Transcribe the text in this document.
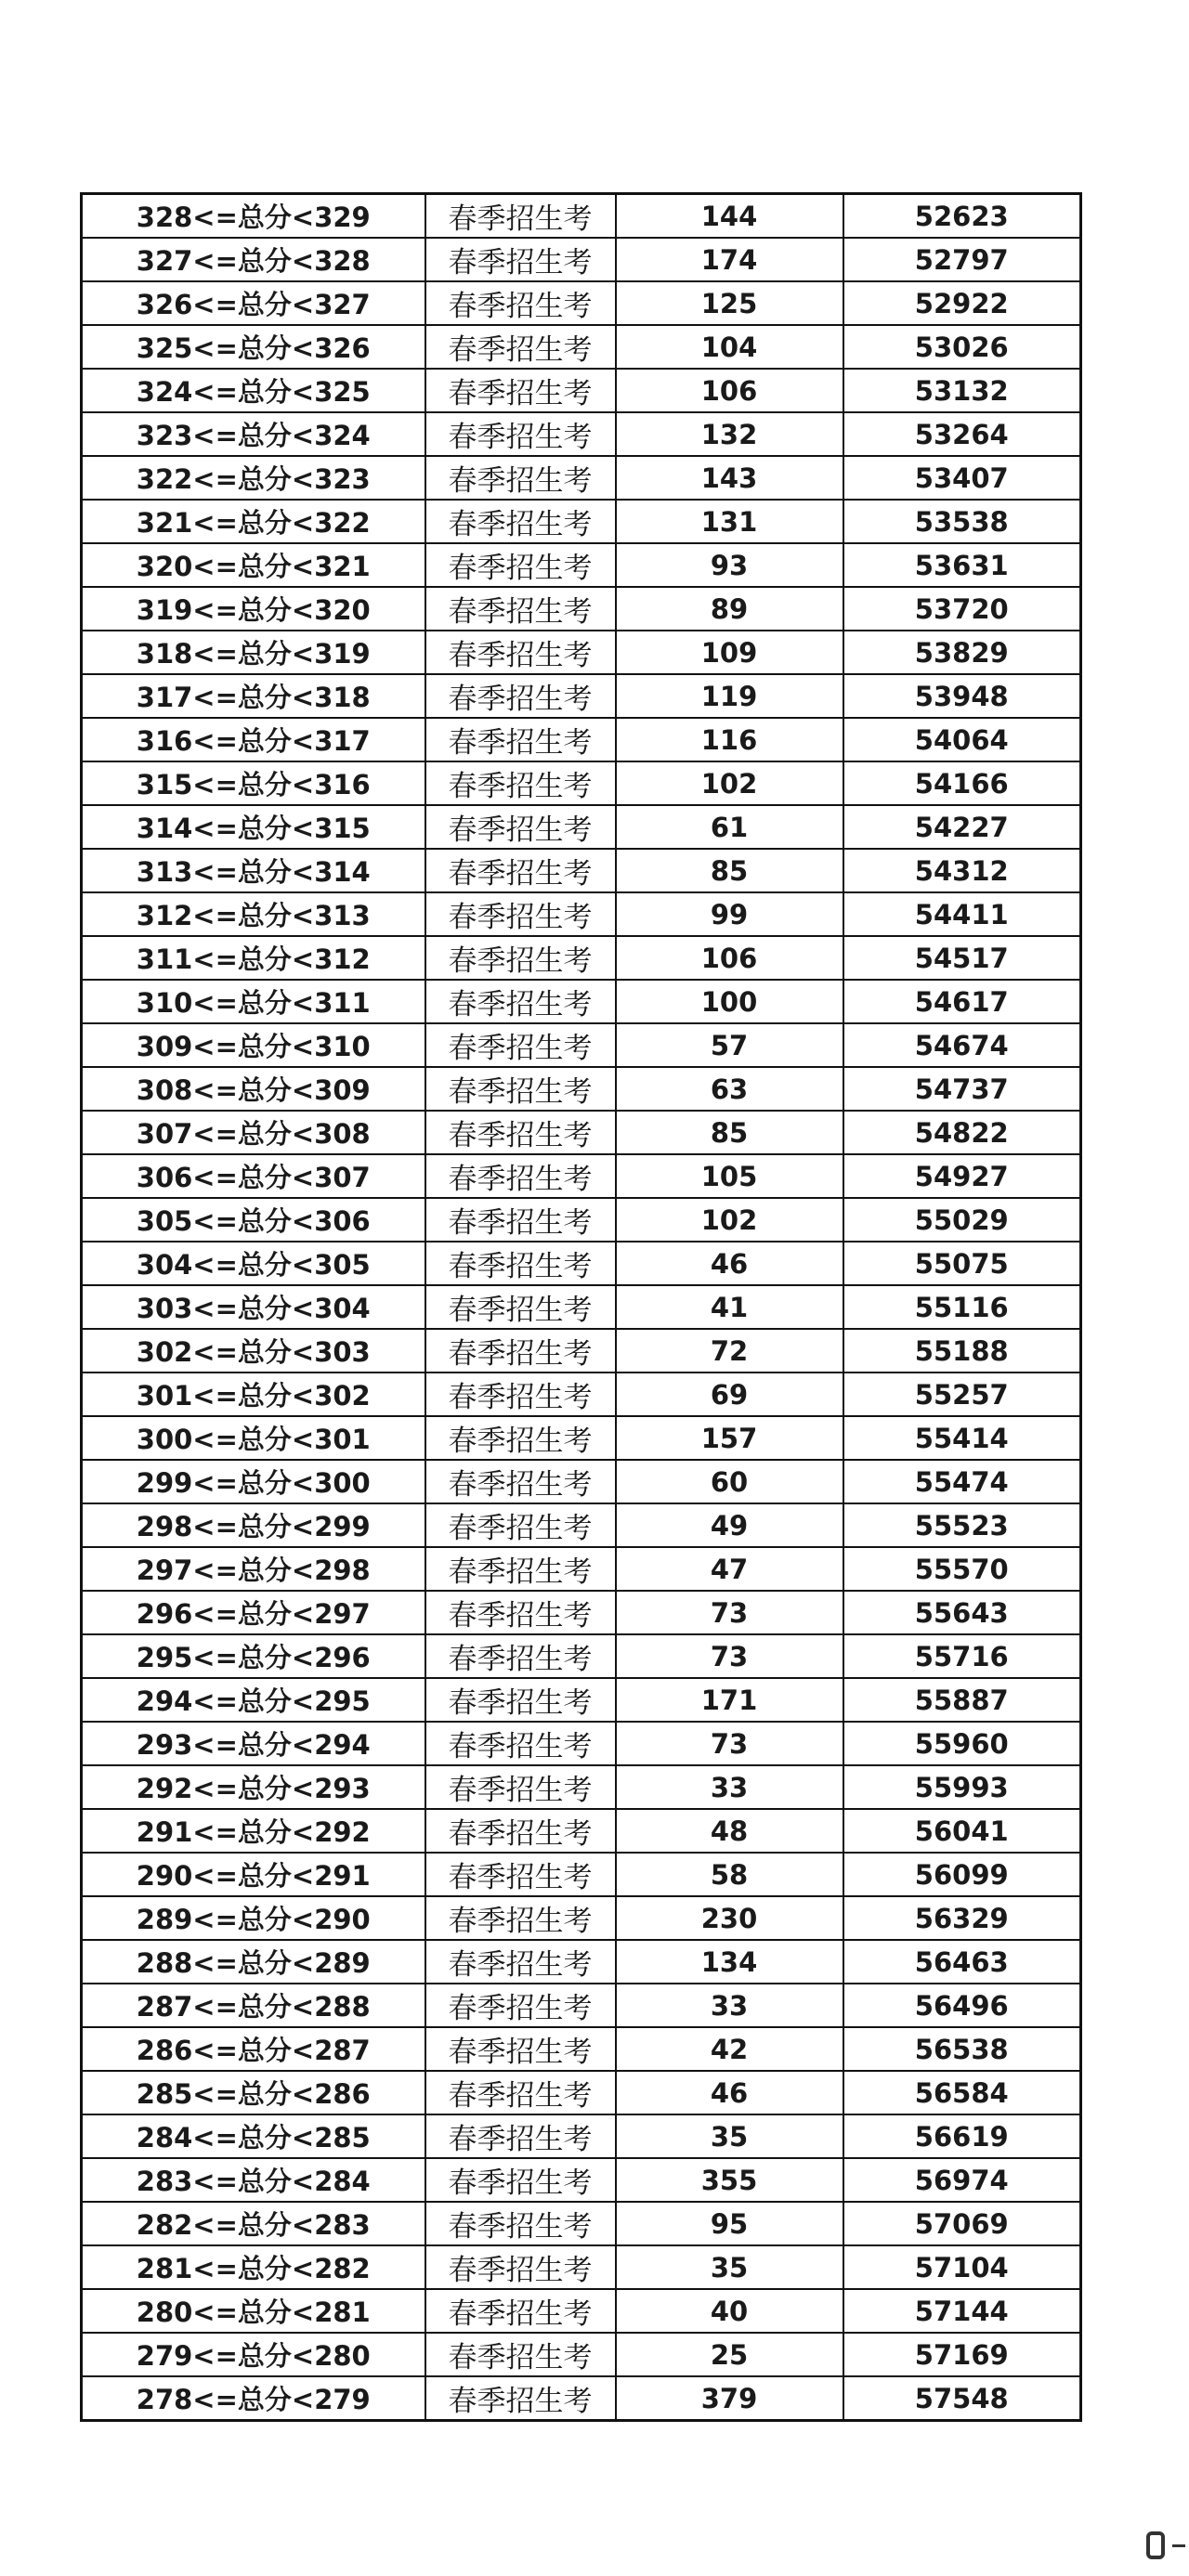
328<=总分<329	春季招生考	144	52623
327<=总分<328	春季招生考	174	52797
326<=总分<327	春季招生考	125	52922
325<=总分<326	春季招生考	104	53026
324<=总分<325	春季招生考	106	53132
323<=总分<324	春季招生考	132	53264
322<=总分<323	春季招生考	143	53407
321<=总分<322	春季招生考	131	53538
320<=总分<321	春季招生考	93	53631
319<=总分<320	春季招生考	89	53720
318<=总分<319	春季招生考	109	53829
317<=总分<318	春季招生考	119	53948
316<=总分<317	春季招生考	116	54064
315<=总分<316	春季招生考	102	54166
314<=总分<315	春季招生考	61	54227
313<=总分<314	春季招生考	85	54312
312<=总分<313	春季招生考	99	54411
311<=总分<312	春季招生考	106	54517
310<=总分<311	春季招生考	100	54617
309<=总分<310	春季招生考	57	54674
308<=总分<309	春季招生考	63	54737
307<=总分<308	春季招生考	85	54822
306<=总分<307	春季招生考	105	54927
305<=总分<306	春季招生考	102	55029
304<=总分<305	春季招生考	46	55075
303<=总分<304	春季招生考	41	55116
302<=总分<303	春季招生考	72	55188
301<=总分<302	春季招生考	69	55257
300<=总分<301	春季招生考	157	55414
299<=总分<300	春季招生考	60	55474
298<=总分<299	春季招生考	49	55523
297<=总分<298	春季招生考	47	55570
296<=总分<297	春季招生考	73	55643
295<=总分<296	春季招生考	73	55716
294<=总分<295	春季招生考	171	55887
293<=总分<294	春季招生考	73	55960
292<=总分<293	春季招生考	33	55993
291<=总分<292	春季招生考	48	56041
290<=总分<291	春季招生考	58	56099
289<=总分<290	春季招生考	230	56329
288<=总分<289	春季招生考	134	56463
287<=总分<288	春季招生考	33	56496
286<=总分<287	春季招生考	42	56538
285<=总分<286	春季招生考	46	56584
284<=总分<285	春季招生考	35	56619
283<=总分<284	春季招生考	355	56974
282<=总分<283	春季招生考	95	57069
281<=总分<282	春季招生考	35	57104
280<=总分<281	春季招生考	40	57144
279<=总分<280	春季招生考	25	57169
278<=总分<279	春季招生考	379	57548
